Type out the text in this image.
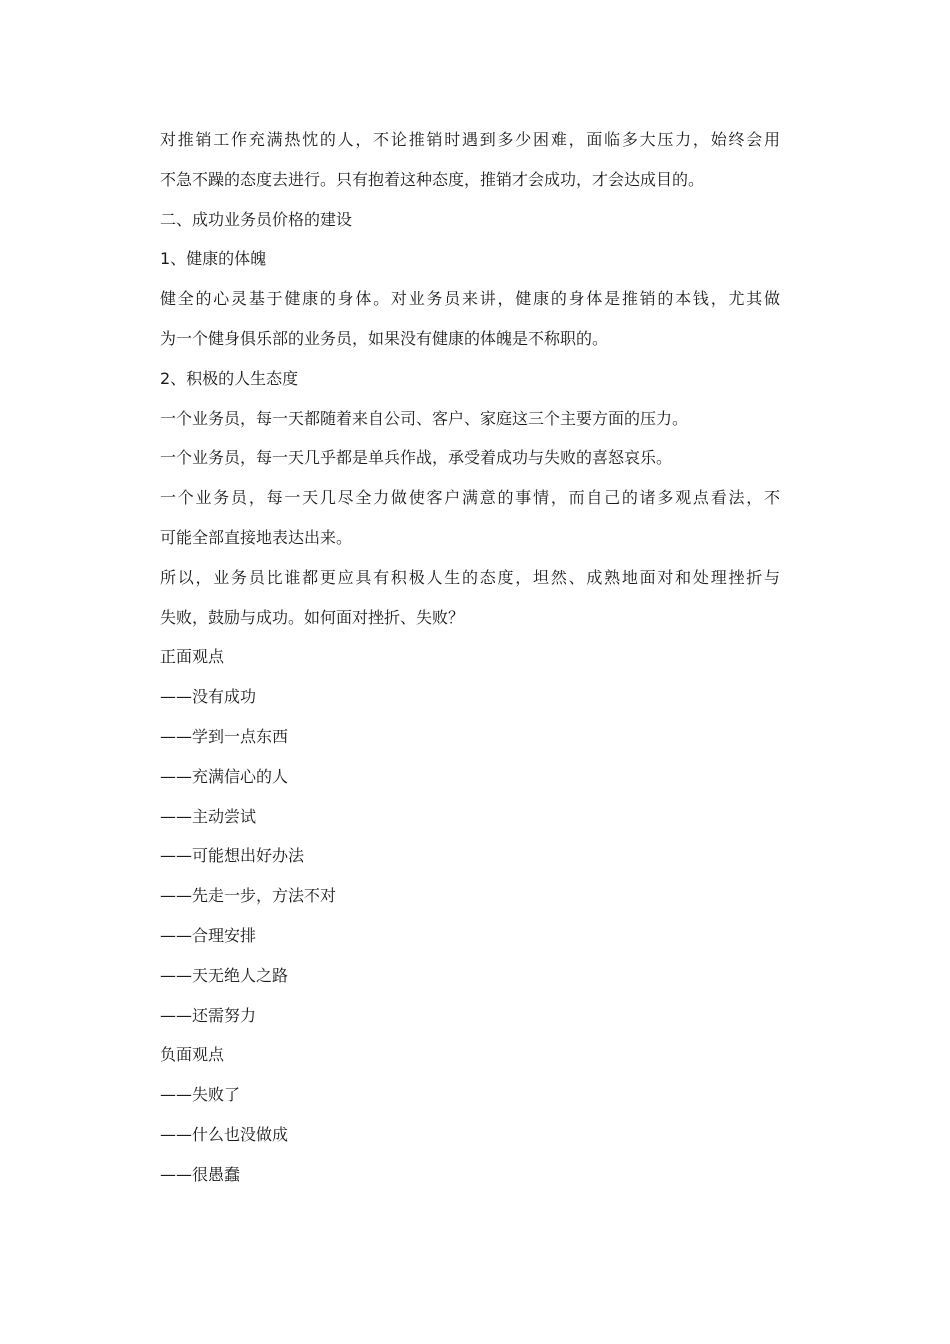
对推销工作充满热忱的人，不论推销时遇到多少困难，面临多大压力，始终会用
不急不躁的态度去进行。只有抱着这种态度，推销才会成功，才会达成目的。
二、成功业务员价格的建设
1、健康的体魄
健全的心灵基于健康的身体。对业务员来讲，健康的身体是推销的本钱，尤其做
为一个健身俱乐部的业务员，如果没有健康的体魄是不称职的。
2、积极的人生态度
一个业务员，每一天都随着来自公司、客户、家庭这三个主要方面的压力。
一个业务员，每一天几乎都是单兵作战，承受着成功与失败的喜怒哀乐。
一个业务员，每一天几尽全力做使客户满意的事情，而自己的诸多观点看法，不
可能全部直接地表达出来。
所以，业务员比谁都更应具有积极人生的态度，坦然、成熟地面对和处理挫折与
失败，鼓励与成功。如何面对挫折、失败？
正面观点
——没有成功
——学到一点东西
——充满信心的人
——主动尝试
——可能想出好办法
——先走一步，方法不对
——合理安排
——天无绝人之路
——还需努力
负面观点
——失败了
——什么也没做成
——很愚蠢
